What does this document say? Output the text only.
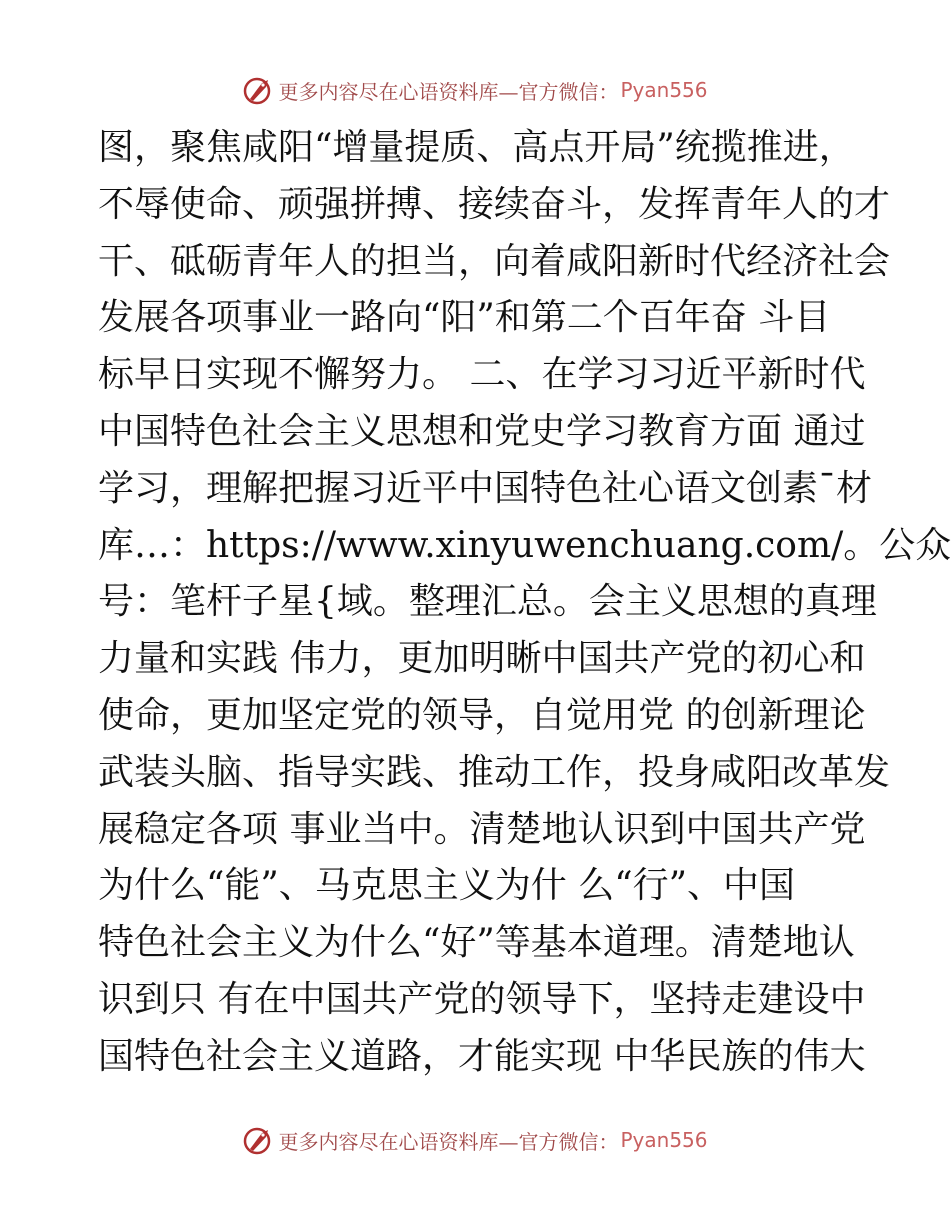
更多内容尽在心语资料库—官方微信： Pyan556
图，聚焦咸阳“增量提质、高点开局”统揽推进，
不辱使命、顽强拼搏、接续奋斗，发挥青年人的才
干、砥砺青年人的担当，向着咸阳新时代经济社会
发展各项事业一路向“阳”和第二个百年奋 斗目
标早日实现不懈努力。 二、在学习习近平新时代
中国特色社会主义思想和党史学习教育方面 通过
学习，理解把握习近平中国特色社心语文创素¯材
库…：https://www.xinyuwenchuang.com/。公众
号：笔杆子星{域。整理汇总。会主义思想的真理
力量和实践 伟力，更加明晰中国共产党的初心和
使命，更加坚定党的领导，自觉用党 的创新理论
武装头脑、指导实践、推动工作，投身咸阳改革发
展稳定各项 事业当中。清楚地认识到中国共产党
为什么“能”、马克思主义为什 么“行”、中国
特色社会主义为什么“好”等基本道理。清楚地认
识到只 有在中国共产党的领导下，坚持走建设中
国特色社会主义道路，才能实现 中华民族的伟大
更多内容尽在心语资料库—官方微信： Pyan556
